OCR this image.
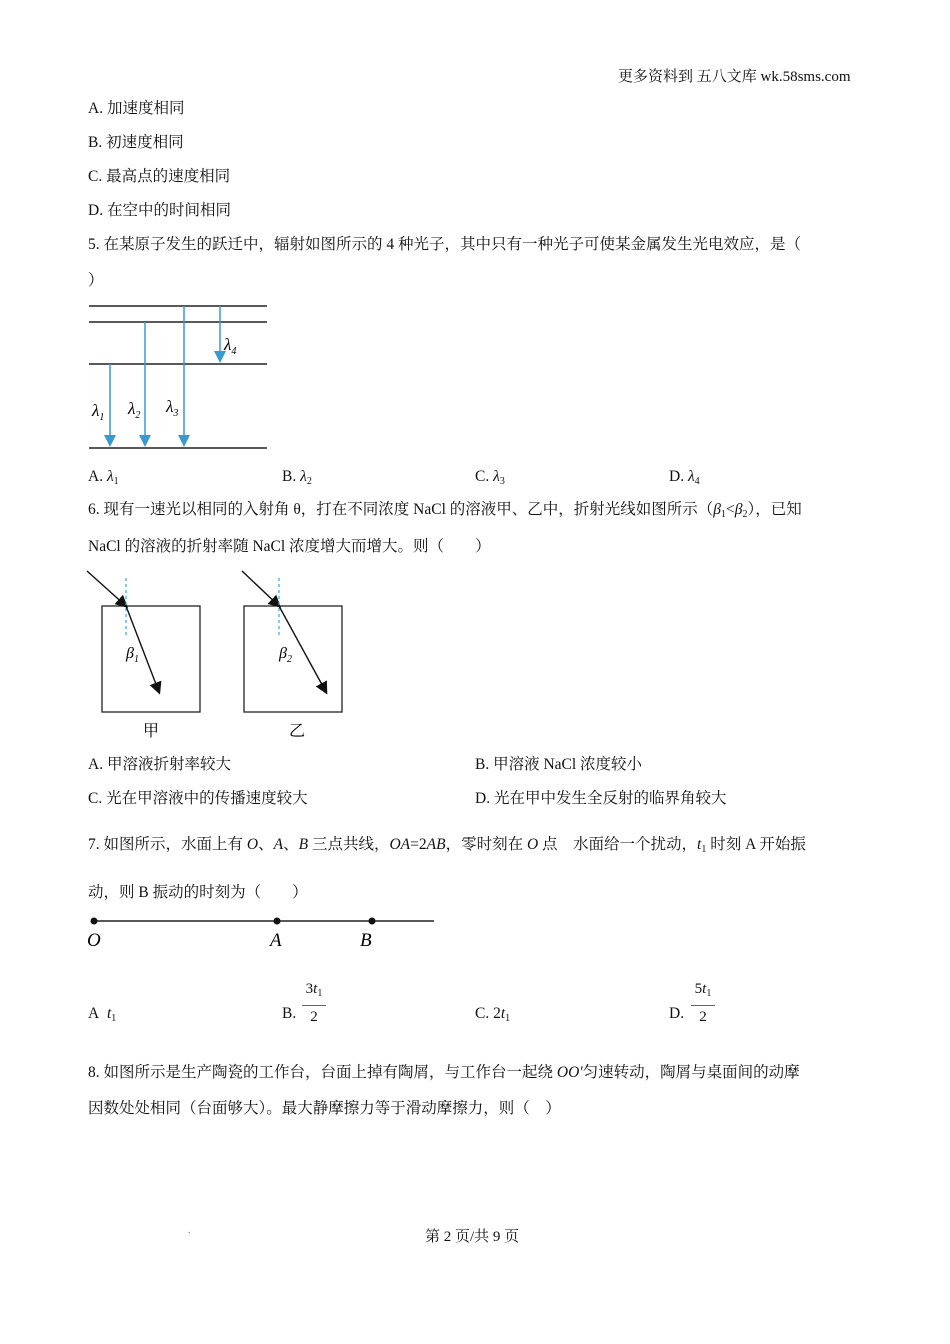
更多资料到 五八文库 wk.58sms.com
A. 加速度相同
B. 初速度相同
C. 最高点的速度相同
D. 在空中的时间相同
5. 在某原子发生的跃迁中，辐射如图所示的 4 种光子，其中只有一种光子可使某金属发生光电效应，是（
）
$\lambda_1$ $\lambda_2$ $\lambda_3$
$\lambda_4$
A. $\lambda_1$	B. $\lambda_2$	C. $\lambda_3$	D. $\lambda_4$
6. 现有一速光以相同的入射角 θ，打在不同浓度 NaCl 的溶液甲、乙中，折射光线如图所示$(\beta_1<\beta_2)$，已知
NaCl 的溶液的折射率随 NaCl 浓度增大而增大。则（　　）
$\beta_1$
甲
$\beta_2$
乙
A. 甲溶液折射率较大	B. 甲溶液 NaCl 浓度较小
C. 光在甲溶液中的传播速度较大	D. 光在甲中发生全反射的临界角较大
7. 如图所示，水面上有 O、A、B 三点共线，OA=2AB，零时刻在 O 点　水面给一个扰动，$t_1$ 时刻 A 开始振
动，则 B 振动的时刻为（　　）
O	A	B
A $t_1$	B.
$3t_1$
2	C. $2t_1$	D.
$5t_1$
2
8. 如图所示是生产陶瓷的工作台，台面上掉有陶屑，与工作台一起绕 OO′匀速转动，陶屑与桌面间的动摩
因数处处相同（台面够大）。最大静摩擦力等于滑动摩擦力，则（　）
.	第 2 页/共 9 页
